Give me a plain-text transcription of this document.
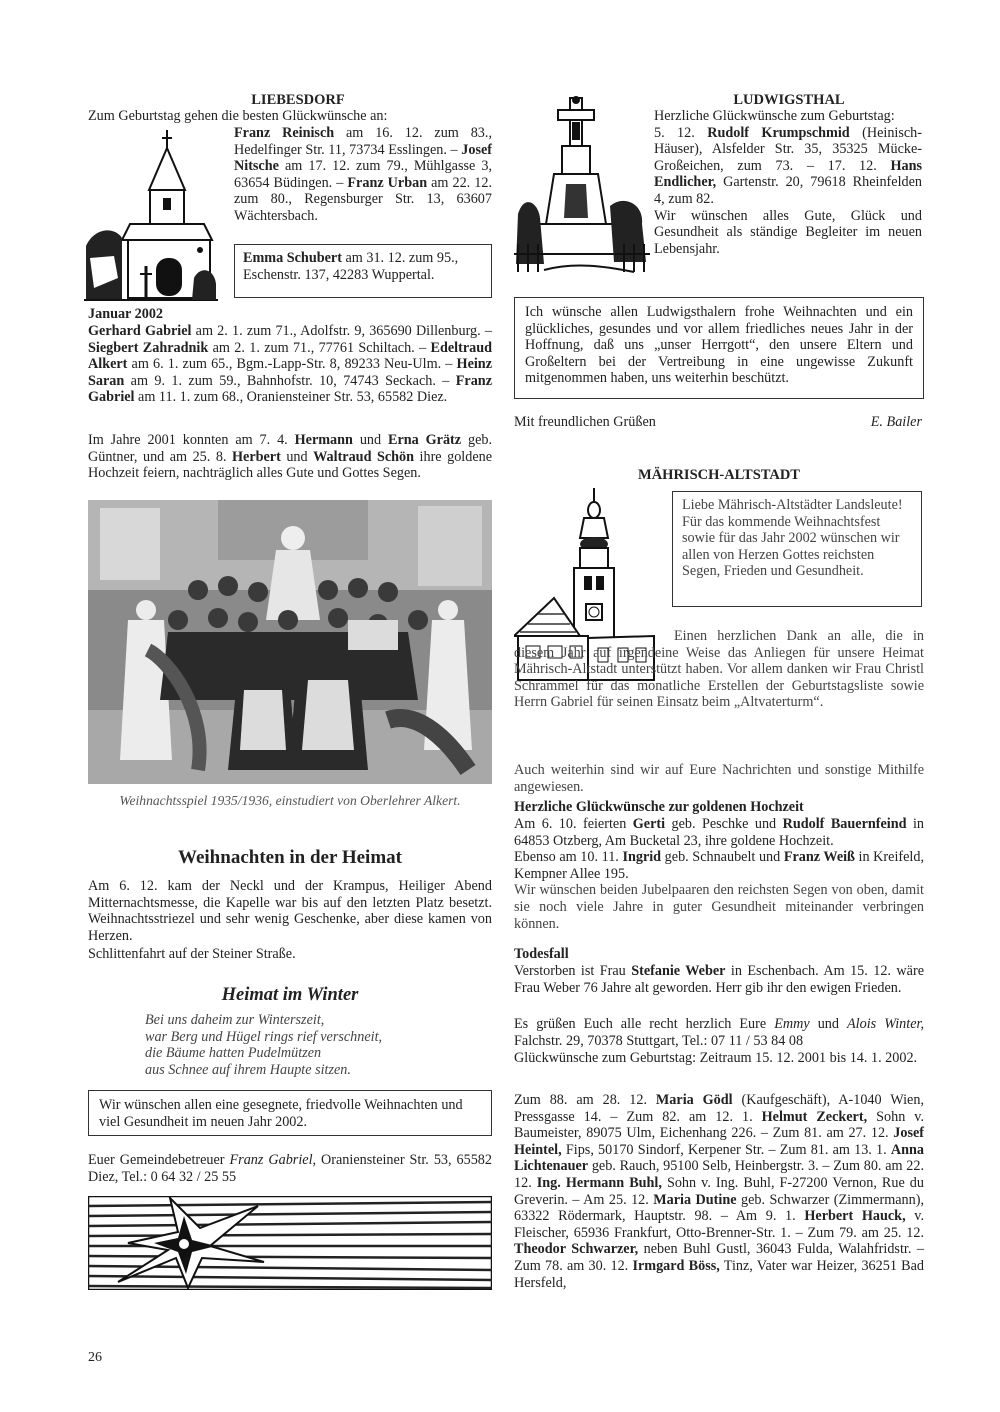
LIEBESDORF
Zum Geburtstag gehen die besten Glückwünsche an:
Franz Reinisch am 16. 12. zum 83., Hedelfinger Str. 11, 73734 Esslingen. – Josef Nitsche am 17. 12. zum 79., Mühlgasse 3, 63654 Büdingen. – Franz Urban am 22. 12. zum 80., Regensburger Str. 13, 63607 Wächtersbach.
Emma Schubert am 31. 12. zum 95., Eschenstr. 137, 42283 Wuppertal.
Januar 2002
Gerhard Gabriel am 2. 1. zum 71., Adolfstr. 9, 365690 Dillenburg. – Siegbert Zahradnik am 2. 1. zum 71., 77761 Schiltach. – Edeltraud Alkert am 6. 1. zum 65., Bgm.-Lapp-Str. 8, 89233 Neu-Ulm. – Heinz Saran am 9. 1. zum 59., Bahnhofstr. 10, 74743 Seckach. – Franz Gabriel am 11. 1. zum 68., Oraniensteiner Str. 53, 65582 Diez.
Im Jahre 2001 konnten am 7. 4. Hermann und Erna Grätz geb. Güntner, und am 25. 8. Herbert und Waltraud Schön ihre goldene Hochzeit feiern, nachträglich alles Gute und Gottes Segen.
Weihnachtsspiel 1935/1936, einstudiert von Oberlehrer Alkert.
Weihnachten in der Heimat
Am 6. 12. kam der Neckl und der Krampus, Heiliger Abend Mitternachtsmesse, die Kapelle war bis auf den letzten Platz besetzt. Weihnachtsstriezel und sehr wenig Geschenke, aber diese kamen von Herzen.
Schlittenfahrt auf der Steiner Straße.
Heimat im Winter
Bei uns daheim zur Winterszeit,
war Berg und Hügel rings rief verschneit,
die Bäume hatten Pudelmützen
aus Schnee auf ihrem Haupte sitzen.
Wir wünschen allen eine gesegnete, friedvolle Weihnachten und viel Gesundheit im neuen Jahr 2002.
Euer Gemeindebetreuer Franz Gabriel, Oraniensteiner Str. 53, 65582 Diez, Tel.: 0 64 32 / 25 55
26
LUDWIGSTHAL
Herzliche Glückwünsche zum Geburtstag:
5. 12. Rudolf Krumpschmid (Heinisch-Häuser), Alsfelder Str. 35, 35325 Mücke-Großeichen, zum 73. – 17. 12. Hans Endlicher, Gartenstr. 20, 79618 Rheinfelden 4, zum 82.
Wir wünschen alles Gute, Glück und Gesundheit als ständige Begleiter im neuen Lebensjahr.
Ich wünsche allen Ludwigsthalern frohe Weihnachten und ein glückliches, gesundes und vor allem friedliches neues Jahr in der Hoffnung, daß uns „unser Herrgott“, den unsere Eltern und Großeltern bei der Vertreibung in eine ungewisse Zukunft mitgenommen haben, uns weiterhin beschützt.
Mit freundlichen Grüßen	E. Bailer
MÄHRISCH-ALTSTADT
Liebe Mährisch-Altstädter Landsleute! Für das kommende Weihnachtsfest sowie für das Jahr 2002 wünschen wir allen von Herzen Gottes reichsten Segen, Frieden und Gesundheit.
Einen herzlichen Dank an alle, die in diesem Jahr auf irgendeine Weise das Anliegen für unsere Heimat Mährisch-Altstadt unterstützt haben. Vor allem danken wir Frau Christl Schrammel für das monatliche Erstellen der Geburtstagsliste sowie Herrn Gabriel für seinen Einsatz beim „Altvaterturm“.
Auch weiterhin sind wir auf Eure Nachrichten und sonstige Mithilfe angewiesen.
Herzliche Glückwünsche zur goldenen Hochzeit
Am 6. 10. feierten Gerti geb. Peschke und Rudolf Bauernfeind in 64853 Otzberg, Am Bucketal 23, ihre goldene Hochzeit.
Ebenso am 10. 11. Ingrid geb. Schnaubelt und Franz Weiß in Kreifeld, Kempner Allee 195.
Wir wünschen beiden Jubelpaaren den reichsten Segen von oben, damit sie noch viele Jahre in guter Gesundheit miteinander verbringen können.
Todesfall
Verstorben ist Frau Stefanie Weber in Eschenbach. Am 15. 12. wäre Frau Weber 76 Jahre alt geworden. Herr gib ihr den ewigen Frieden.
Es grüßen Euch alle recht herzlich Eure Emmy und Alois Winter, Falchstr. 29, 70378 Stuttgart, Tel.: 07 11 / 53 84 08
Glückwünsche zum Geburtstag: Zeitraum 15. 12. 2001 bis 14. 1. 2002.
Zum 88. am 28. 12. Maria Gödl (Kaufgeschäft), A-1040 Wien, Pressgasse 14. – Zum 82. am 12. 1. Helmut Zeckert, Sohn v. Baumeister, 89075 Ulm, Eichenhang 226. – Zum 81. am 27. 12. Josef Heintel, Fips, 50170 Sindorf, Kerpener Str. – Zum 81. am 13. 1. Anna Lichtenauer geb. Rauch, 95100 Selb, Heinbergstr. 3. – Zum 80. am 22. 12. Ing. Hermann Buhl, Sohn v. Ing. Buhl, F-27200 Vernon, Rue du Greverin. – Am 25. 12. Maria Dutine geb. Schwarzer (Zimmermann), 63322 Rödermark, Hauptstr. 98. – Am 9. 1. Herbert Hauck, v. Fleischer, 65936 Frankfurt, Otto-Brenner-Str. 1. – Zum 79. am 25. 12. Theodor Schwarzer, neben Buhl Gustl, 36043 Fulda, Walahfridstr. – Zum 78. am 30. 12. Irmgard Böss, Tinz, Vater war Heizer, 36251 Bad Hersfeld,
